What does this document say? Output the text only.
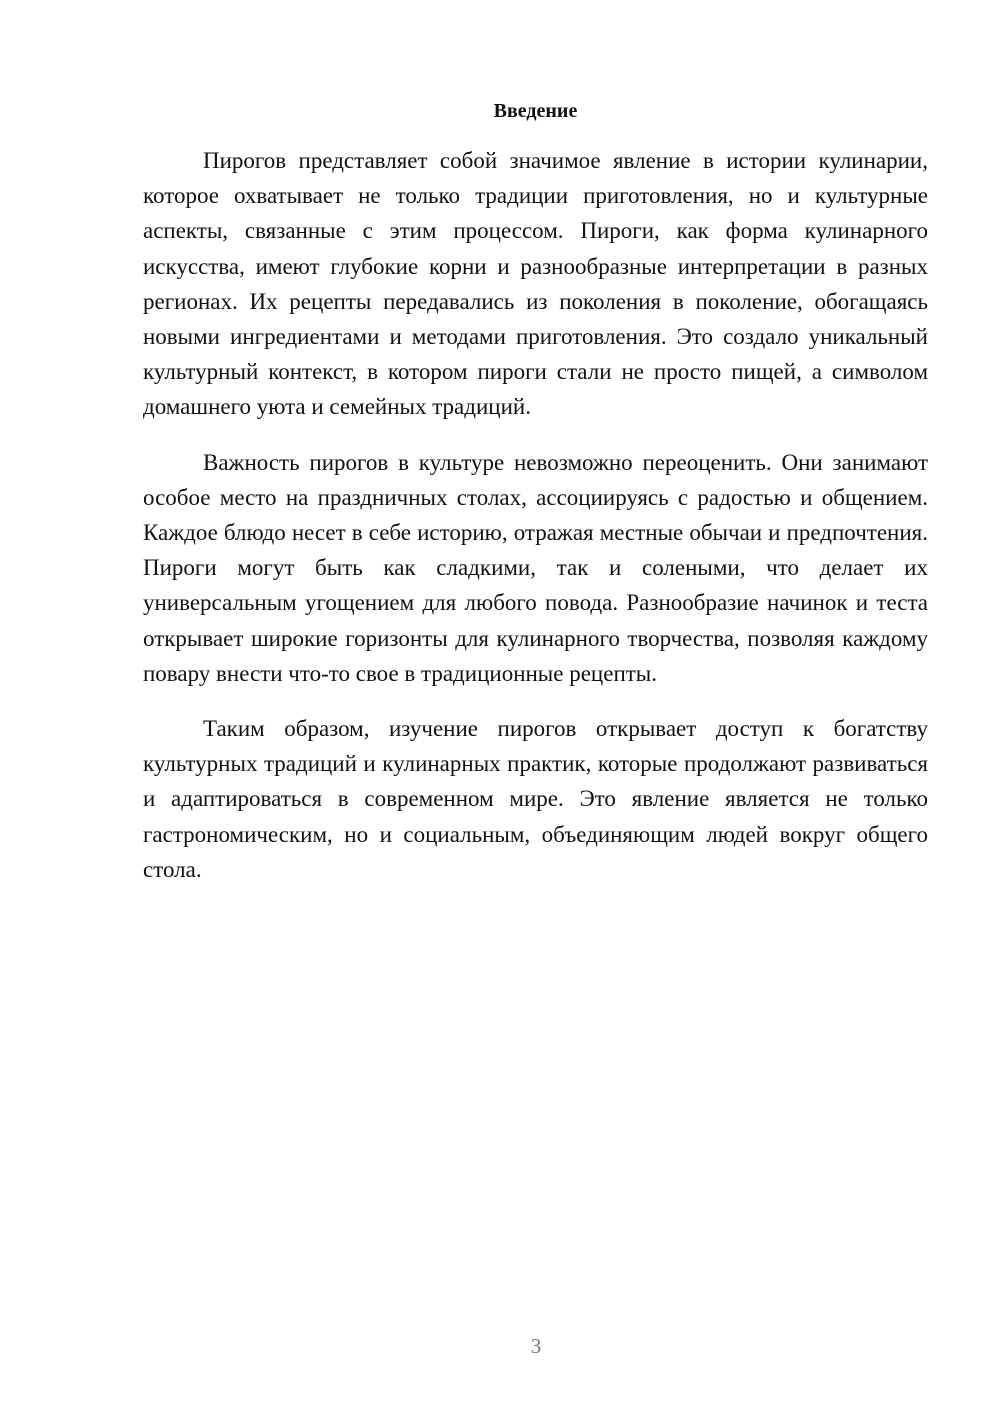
Введение

Пирогов представляет собой значимое явление в истории кулинарии, которое охватывает не только традиции приготовления, но и культурные аспекты, связанные с этим процессом. Пироги, как форма кулинарного искусства, имеют глубокие корни и разнообразные интерпретации в разных регионах. Их рецепты передавались из поколения в поколение, обогащаясь новыми ингредиентами и методами приготовления. Это создало уникальный культурный контекст, в котором пироги стали не просто пищей, а символом домашнего уюта и семейных традиций.

Важность пирогов в культуре невозможно переоценить. Они занимают особое место на праздничных столах, ассоциируясь с радостью и общением. Каждое блюдо несет в себе историю, отражая местные обычаи и предпочтения. Пироги могут быть как сладкими, так и солеными, что делает их универсальным угощением для любого повода. Разнообразие начинок и теста открывает широкие горизонты для кулинарного творчества, позволяя каждому повару внести что-то свое в традиционные рецепты.

Таким образом, изучение пирогов открывает доступ к богатству культурных традиций и кулинарных практик, которые продолжают развиваться и адаптироваться в современном мире. Это явление является не только гастрономическим, но и социальным, объединяющим людей вокруг общего стола.

3
